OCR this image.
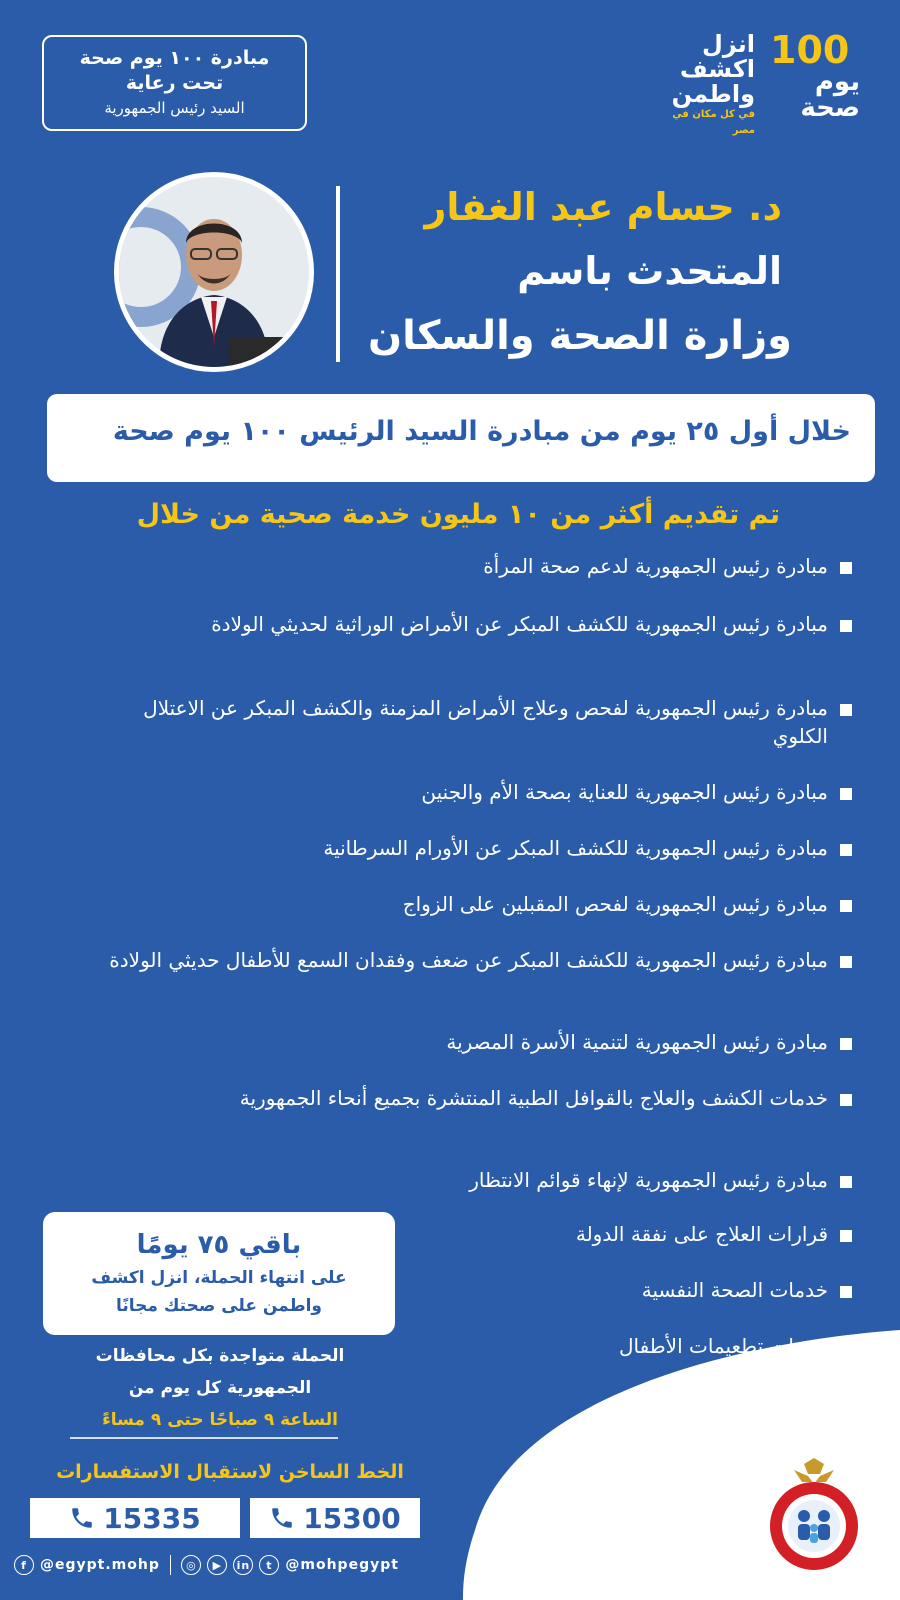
مبادرة ١٠٠ يوم صحة
تحت رعاية
السيد رئيس الجمهورية
انزل
اكشف
واطمن
في كل مكان في مصر
100
يوم
صحة
د. حسام عبد الغفار
المتحدث باسم
وزارة الصحة والسكان
خلال أول ٢٥ يوم من مبادرة السيد الرئيس ١٠٠ يوم صحة
تم تقديم أكثر من ١٠ مليون خدمة صحية من خلال
مبادرة رئيس الجمهورية لدعم صحة المرأة
مبادرة رئيس الجمهورية للكشف المبكر عن الأمراض الوراثية لحديثي الولادة
مبادرة رئيس الجمهورية لفحص وعلاج الأمراض المزمنة والكشف المبكر عن الاعتلال الكلوي
مبادرة رئيس الجمهورية للعناية بصحة الأم والجنين
مبادرة رئيس الجمهورية للكشف المبكر عن الأورام السرطانية
مبادرة رئيس الجمهورية لفحص المقبلين على الزواج
مبادرة رئيس الجمهورية للكشف المبكر عن ضعف وفقدان السمع للأطفال حديثي الولادة
مبادرة رئيس الجمهورية لتنمية الأسرة المصرية
خدمات الكشف والعلاج بالقوافل الطبية المنتشرة بجميع أنحاء الجمهورية
مبادرة رئيس الجمهورية لإنهاء قوائم الانتظار
قرارات العلاج على نفقة الدولة
خدمات الصحة النفسية
خدمات تطعيمات الأطفال
باقي ٧٥ يومًا
على انتهاء الحملة، انزل اكشف
واطمن على صحتك مجانًا
الحملة متواجدة بكل محافظات
الجمهورية كل يوم من
الساعة ٩ صباحًا حتى ٩ مساءً
الخط الساخن لاستقبال الاستفسارات
15335	15300
f @egypt.mohp	◎	▶	in	t @mohpegypt
